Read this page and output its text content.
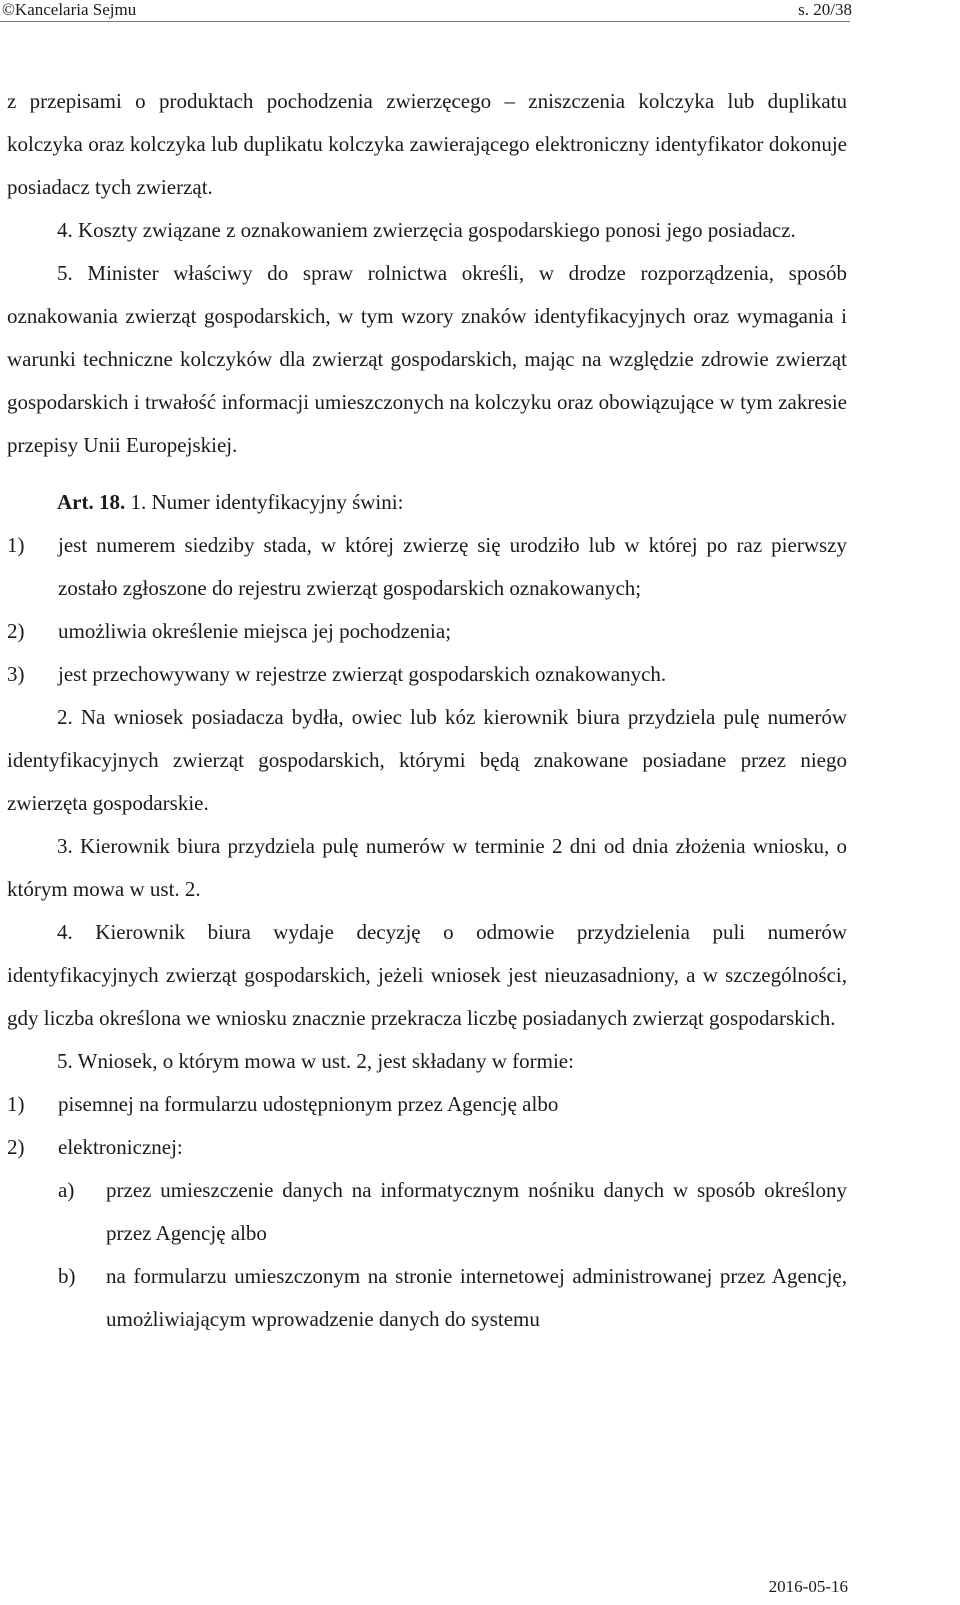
©Kancelaria Sejmu	s. 20/38

z przepisami o produktach pochodzenia zwierzęcego – zniszczenia kolczyka lub duplikatu kolczyka oraz kolczyka lub duplikatu kolczyka zawierającego elektroniczny identyfikator dokonuje posiadacz tych zwierząt.

4. Koszty związane z oznakowaniem zwierzęcia gospodarskiego ponosi jego posiadacz.

5. Minister właściwy do spraw rolnictwa określi, w drodze rozporządzenia, sposób oznakowania zwierząt gospodarskich, w tym wzory znaków identyfikacyjnych oraz wymagania i warunki techniczne kolczyków dla zwierząt gospodarskich, mając na względzie zdrowie zwierząt gospodarskich i trwałość informacji umieszczonych na kolczyku oraz obowiązujące w tym zakresie przepisy Unii Europejskiej.

Art. 18. 1. Numer identyfikacyjny świni:

1) jest numerem siedziby stada, w której zwierzę się urodziło lub w której po raz pierwszy zostało zgłoszone do rejestru zwierząt gospodarskich oznakowanych;
2) umożliwia określenie miejsca jej pochodzenia;
3) jest przechowywany w rejestrze zwierząt gospodarskich oznakowanych.

2. Na wniosek posiadacza bydła, owiec lub kóz kierownik biura przydziela pulę numerów identyfikacyjnych zwierząt gospodarskich, którymi będą znakowane posiadane przez niego zwierzęta gospodarskie.

3. Kierownik biura przydziela pulę numerów w terminie 2 dni od dnia złożenia wniosku, o którym mowa w ust. 2.

4. Kierownik biura wydaje decyzję o odmowie przydzielenia puli numerów identyfikacyjnych zwierząt gospodarskich, jeżeli wniosek jest nieuzasadniony, a w szczególności, gdy liczba określona we wniosku znacznie przekracza liczbę posiadanych zwierząt gospodarskich.

5. Wniosek, o którym mowa w ust. 2, jest składany w formie:

1) pisemnej na formularzu udostępnionym przez Agencję albo
2) elektronicznej:
a) przez umieszczenie danych na informatycznym nośniku danych w sposób określony przez Agencję albo
b) na formularzu umieszczonym na stronie internetowej administrowanej przez Agencję, umożliwiającym wprowadzenie danych do systemu
2016-05-16
